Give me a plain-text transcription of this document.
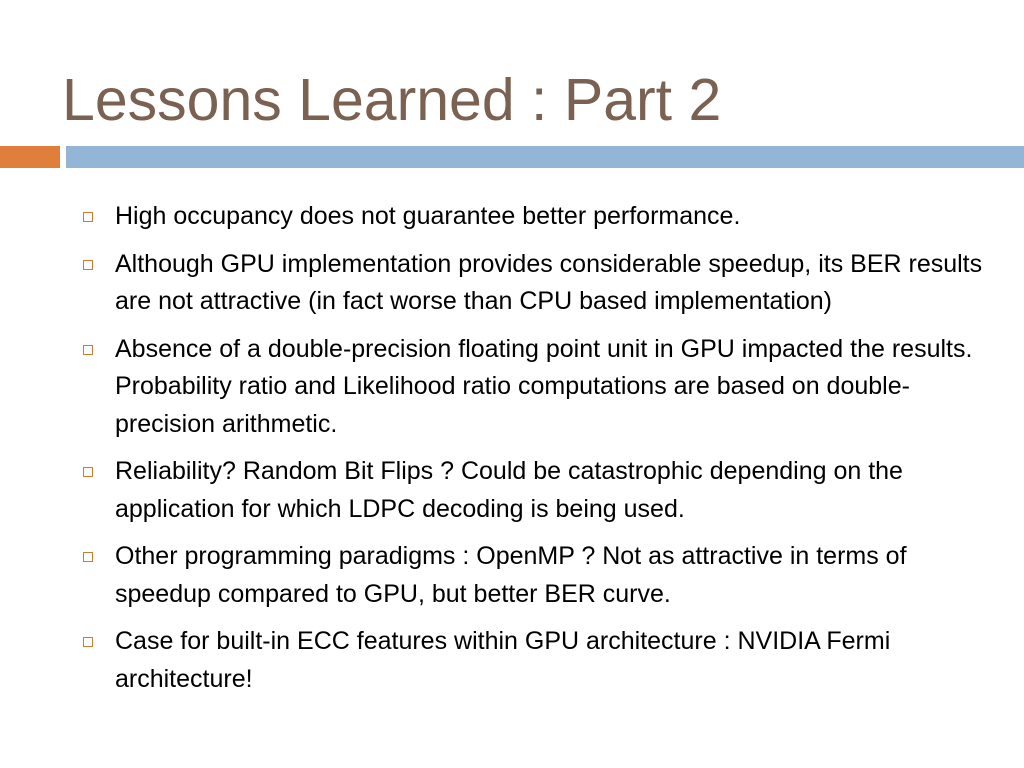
Lessons Learned : Part 2
High occupancy does not guarantee better performance.
Although GPU implementation provides considerable speedup, its BER results are not attractive (in fact worse than CPU based implementation)
Absence of a double-precision floating point unit in GPU impacted the results. Probability ratio and Likelihood ratio computations are based on double-precision arithmetic.
Reliability? Random Bit Flips ? Could be catastrophic depending on the application for which LDPC decoding is being used.
Other programming paradigms : OpenMP ? Not as attractive in terms of speedup compared to GPU, but better BER curve.
Case for built-in ECC features within GPU architecture : NVIDIA Fermi architecture!
